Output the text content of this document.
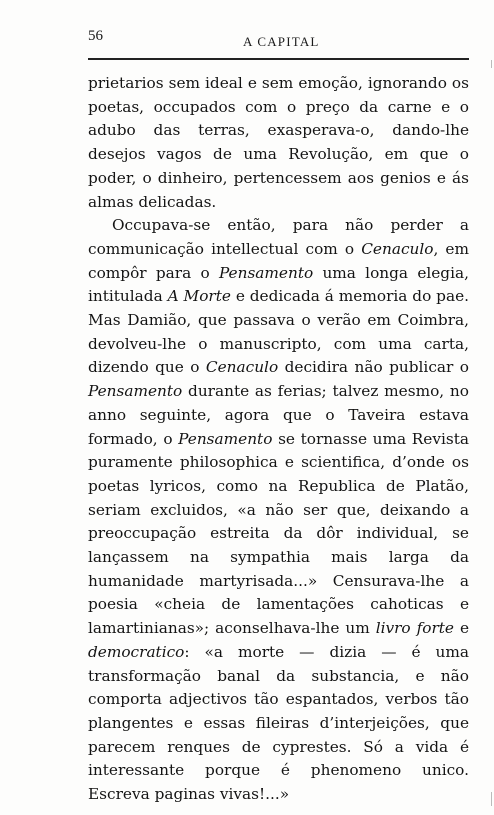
56	A CAPITAL

prietarios sem ideal e sem emoção, ignorando os poetas, occupados com o preço da carne e o adubo das terras, exasperava-o, dando-lhe desejos vagos de uma Revolução, em que o poder, o dinheiro, pertencessem aos genios e ás almas delicadas.

Occupava-se então, para não perder a communicação intellectual com o Cenaculo, em compôr para o Pensamento uma longa elegia, intitulada A Morte e dedicada á memoria do pae. Mas Damião, que passava o verão em Coimbra, devolveu-lhe o manuscripto, com uma carta, dizendo que o Cenaculo decidira não publicar o Pensamento durante as ferias; talvez mesmo, no anno seguinte, agora que o Taveira estava formado, o Pensamento se tornasse uma Revista puramente philosophica e scientifica, d’onde os poetas lyricos, como na Republica de Platão, seriam excluidos, «a não ser que, deixando a preoccupação estreita da dôr individual, se lançassem na sympathia mais larga da humanidade martyrisada...» Censurava-lhe a poesia «cheia de lamentações cahoticas e lamartinianas»; aconselhava-lhe um livro forte e democratico: «a morte — dizia — é uma transformação banal da substancia, e não comporta adjectivos tão espantados, verbos tão plangentes e essas fileiras d’interjeições, que parecem renques de cyprestes. Só a vida é interessante porque é phenomeno unico. Escreva paginas vivas!...»
